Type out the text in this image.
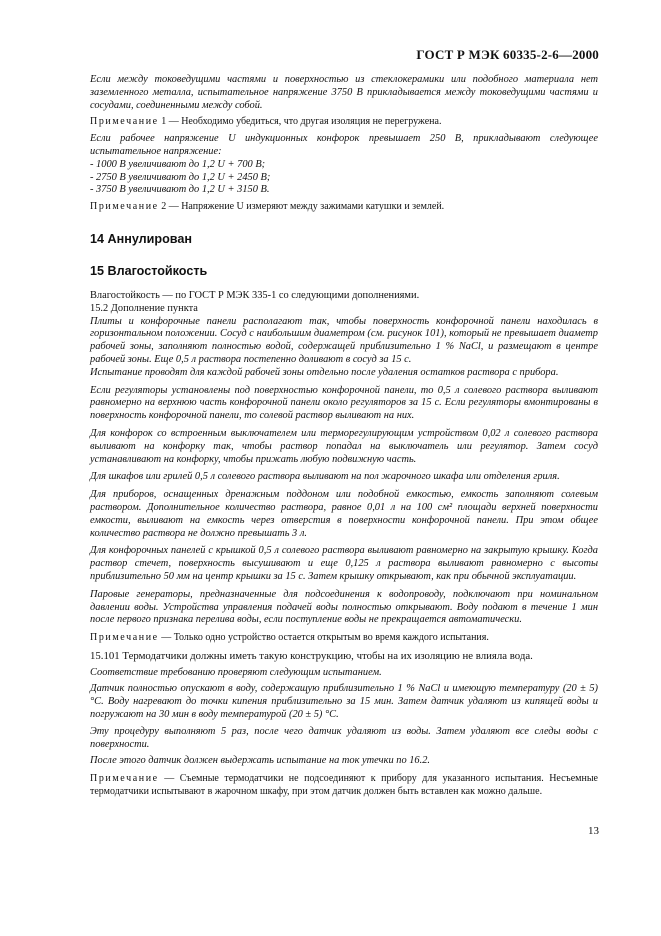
ГОСТ Р МЭК 60335-2-6—2000

Если между токоведущими частями и поверхностью из стеклокерамики или подобного материала нет заземленного металла, испытательное напряжение 3750 В прикладывается между токоведущими частями и сосудами, соединенными между собой.

Примечание 1 — Необходимо убедиться, что другая изоляция не перегружена.

Если рабочее напряжение U индукционных конфорок превышает 250 В, прикладывают следующее испытательное напряжение:

- 1000 В увеличивают до 1,2 U + 700 В;

- 2750 В увеличивают до 1,2 U + 2450 В;

- 3750 В увеличивают до 1,2 U + 3150 В.

Примечание 2 — Напряжение U измеряют между зажимами катушки и землей.

14 Аннулирован
15 Влагостойкость

Влагостойкость — по ГОСТ Р МЭК 335-1 со следующими дополнениями.

15.2 Дополнение пункта

Плиты и конфорочные панели располагают так, чтобы поверхность конфорочной панели находилась в горизонтальном положении. Сосуд с наибольшим диаметром (см. рисунок 101), который не превышает диаметр рабочей зоны, заполняют полностью водой, содержащей приблизительно 1 % NaCl, и размещают в центре рабочей зоны. Еще 0,5 л раствора постепенно доливают в сосуд за 15 с.

Испытание проводят для каждой рабочей зоны отдельно после удаления остатков раствора с прибора.

Если регуляторы установлены под поверхностью конфорочной панели, то 0,5 л солевого раствора выливают равномерно на верхнюю часть конфорочной панели около регуляторов за 15 с. Если регуляторы вмонтированы в поверхность конфорочной панели, то солевой раствор выливают на них.

Для конфорок со встроенным выключателем или терморегулирующим устройством 0,02 л солевого раствора выливают на конфорку так, чтобы раствор попадал на выключатель или регулятор. Затем сосуд устанавливают на конфорку, чтобы прижать любую подвижную часть.

Для шкафов или грилей 0,5 л солевого раствора выливают на пол жарочного шкафа или отделения гриля.

Для приборов, оснащенных дренажным поддоном или подобной емкостью, емкость заполняют солевым раствором. Дополнительное количество раствора, равное 0,01 л на 100 см² площади верхней поверхности емкости, выливают на емкость через отверстия в поверхности конфорочной панели. При этом общее количество раствора не должно превышать 3 л.

Для конфорочных панелей с крышкой 0,5 л солевого раствора выливают равномерно на закрытую крышку. Когда раствор стечет, поверхность высушивают и еще 0,125 л раствора выливают равномерно с высоты приблизительно 50 мм на центр крышки за 15 с. Затем крышку открывают, как при обычной эксплуатации.

Паровые генераторы, предназначенные для подсоединения к водопроводу, подключают при номинальном давлении воды. Устройства управления подачей воды полностью открывают. Воду подают в течение 1 мин после первого признака перелива воды, если поступление воды не прекращается автоматически.

Примечание — Только одно устройство остается открытым во время каждого испытания.

15.101 Термодатчики должны иметь такую конструкцию, чтобы на их изоляцию не влияла вода.

Соответствие требованию проверяют следующим испытанием.

Датчик полностью опускают в воду, содержащую приблизительно 1 % NaCl и имеющую температуру (20 ± 5) °С. Воду нагревают до точки кипения приблизительно за 15 мин. Затем датчик удаляют из кипящей воды и погружают на 30 мин в воду температурой (20 ± 5) °С.

Эту процедуру выполняют 5 раз, после чего датчик удаляют из воды. Затем удаляют все следы воды с поверхности.

После этого датчик должен выдержать испытание на ток утечки по 16.2.

Примечание — Съемные термодатчики не подсоединяют к прибору для указанного испытания. Несъемные термодатчики испытывают в жарочном шкафу, при этом датчик должен быть вставлен как можно дальше.

13
